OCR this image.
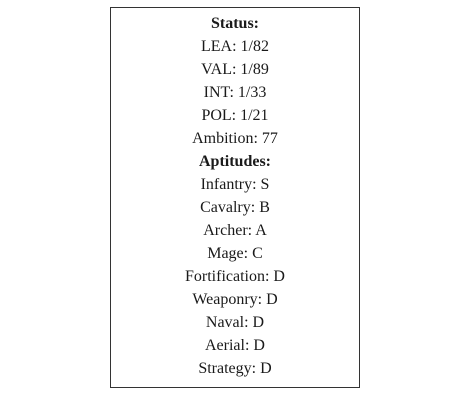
Status:
LEA: 1/82
VAL: 1/89
INT: 1/33
POL: 1/21
Ambition: 77
Aptitudes:
Infantry: S
Cavalry: B
Archer: A
Mage: C
Fortification: D
Weaponry: D
Naval: D
Aerial: D
Strategy: D
